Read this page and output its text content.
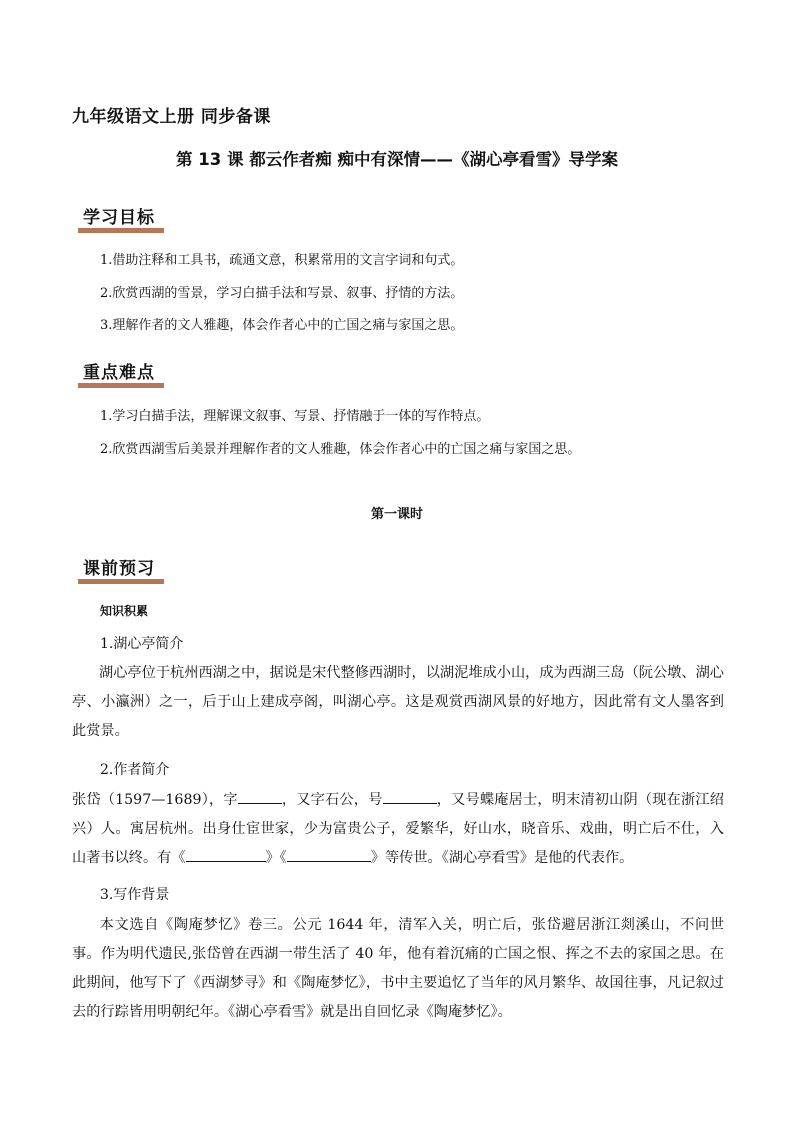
九年级语文上册 同步备课
第 13 课 都云作者痴 痴中有深情——《湖心亭看雪》导学案
学习目标
1.借助注释和工具书，疏通文意，积累常用的文言字词和句式。
2.欣赏西湖的雪景，学习白描手法和写景、叙事、抒情的方法。
3.理解作者的文人雅趣，体会作者心中的亡国之痛与家国之思。
重点难点
1.学习白描手法，理解课文叙事、写景、抒情融于一体的写作特点。
2.欣赏西湖雪后美景并理解作者的文人雅趣，体会作者心中的亡国之痛与家国之思。
第一课时
课前预习
知识积累
1.湖心亭简介
湖心亭位于杭州西湖之中，据说是宋代整修西湖时，以湖泥堆成小山，成为西湖三岛（阮公墩、湖心亭、小瀛洲）之一，后于山上建成亭阁，叫湖心亭。这是观赏西湖风景的好地方，因此常有文人墨客到此赏景。
2.作者简介
张岱（1597—1689），字	，又字石公，号	，又号蝶庵居士，明末清初山阴（现在浙江绍兴）人。寓居杭州。出身仕宦世家，少为富贵公子，爱繁华，好山水，晓音乐、戏曲，明亡后不仕，入山著书以终。有《	》《	》等传世。《湖心亭看雪》是他的代表作。
3.写作背景
本文选自《陶庵梦忆》卷三。公元 1644 年，清军入关，明亡后，张岱避居浙江剡溪山，不问世事。作为明代遗民,张岱曾在西湖一带生活了 40 年，他有着沉痛的亡国之恨、挥之不去的家国之思。在此期间，他写下了《西湖梦寻》和《陶庵梦忆》，书中主要追忆了当年的风月繁华、故国往事，凡记叙过去的行踪皆用明朝纪年。《湖心亭看雪》就是出自回忆录《陶庵梦忆》。
